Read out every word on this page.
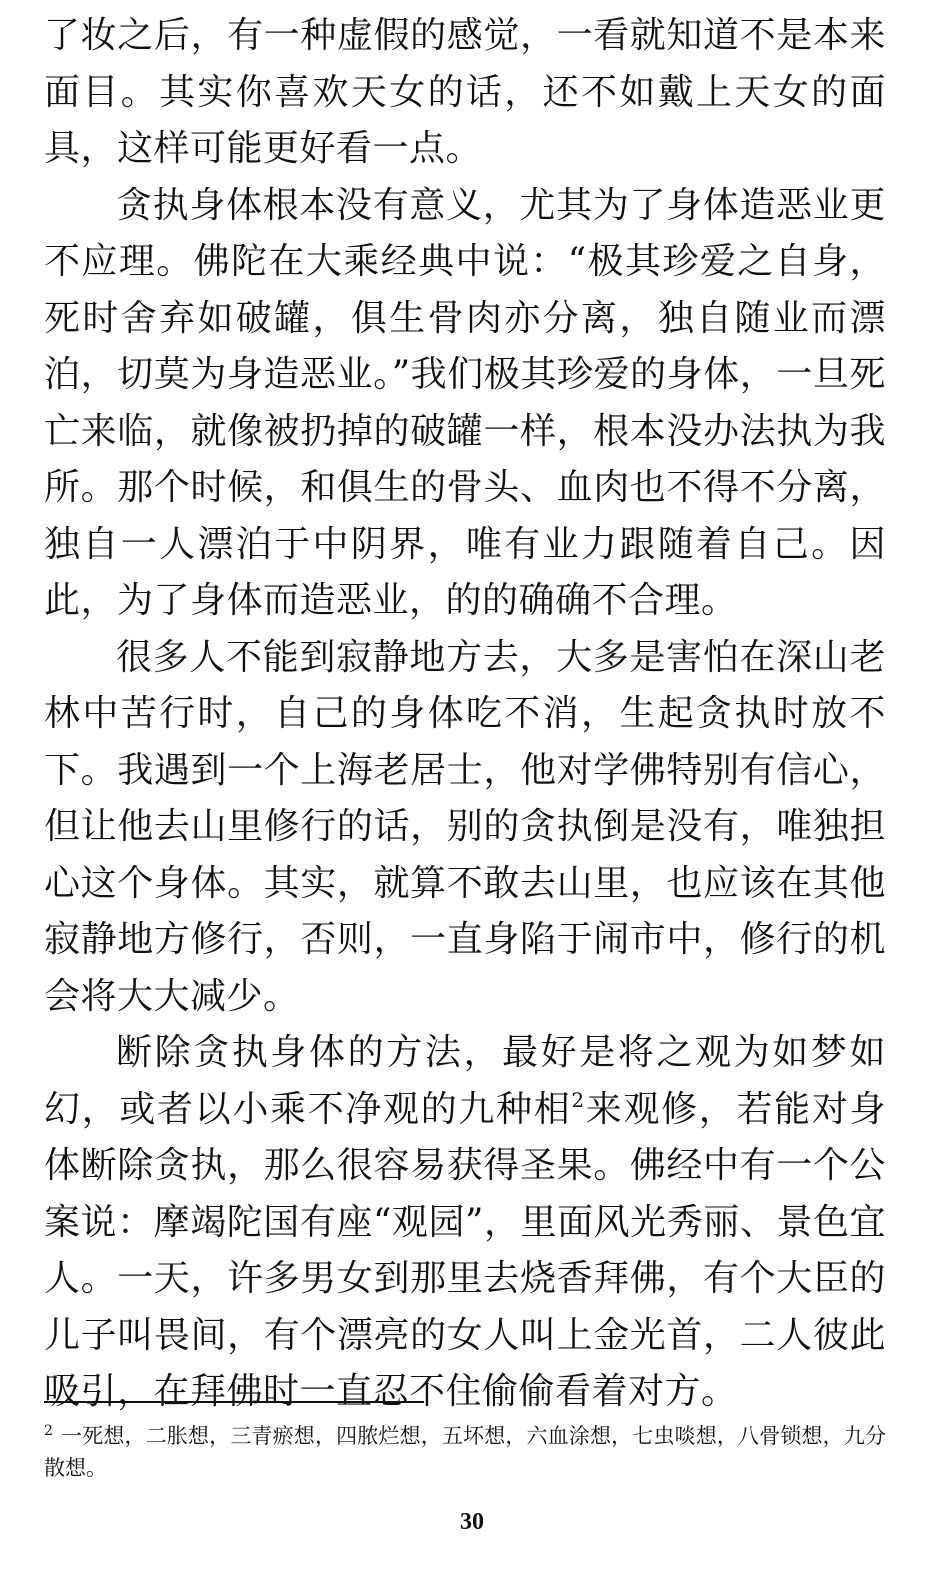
了妆之后，有一种虚假的感觉，一看就知道不是本来面目。其实你喜欢天女的话，还不如戴上天女的面具，这样可能更好看一点。

贪执身体根本没有意义，尤其为了身体造恶业更不应理。佛陀在大乘经典中说：“极其珍爱之自身，死时舍弃如破罐，俱生骨肉亦分离，独自随业而漂泊，切莫为身造恶业。”我们极其珍爱的身体，一旦死亡来临，就像被扔掉的破罐一样，根本没办法执为我所。那个时候，和俱生的骨头、血肉也不得不分离，独自一人漂泊于中阴界，唯有业力跟随着自己。因此，为了身体而造恶业，的的确确不合理。

很多人不能到寂静地方去，大多是害怕在深山老林中苦行时，自己的身体吃不消，生起贪执时放不下。我遇到一个上海老居士，他对学佛特别有信心，但让他去山里修行的话，别的贪执倒是没有，唯独担心这个身体。其实，就算不敢去山里，也应该在其他寂静地方修行，否则，一直身陷于闹市中，修行的机会将大大减少。

断除贪执身体的方法，最好是将之观为如梦如幻，或者以小乘不净观的九种相$^2$来观修，若能对身体断除贪执，那么很容易获得圣果。佛经中有一个公案说：摩竭陀国有座“观园”，里面风光秀丽、景色宜人。一天，许多男女到那里去烧香拜佛，有个大臣的儿子叫畏间，有个漂亮的女人叫上金光首，二人彼此吸引，在拜佛时一直忍不住偷偷看着对方。

$^2$ 一死想，二胀想，三青瘀想，四脓烂想，五坏想，六血涂想，七虫啖想，八骨锁想，九分散想。
30
